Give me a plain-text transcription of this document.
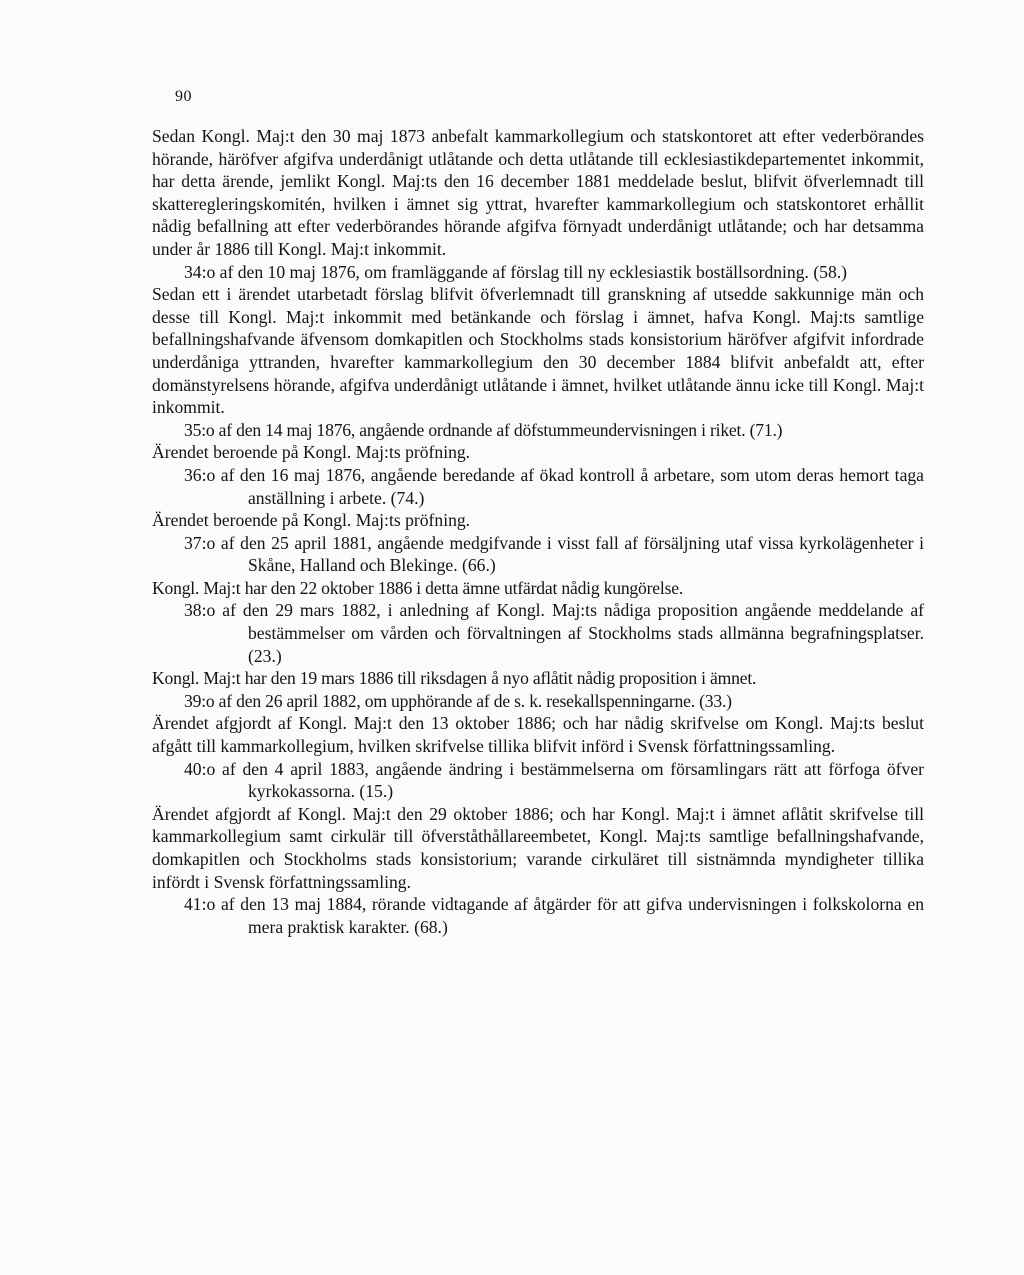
90

Sedan Kongl. Maj:t den 30 maj 1873 anbefalt kammarkollegium och statskontoret att efter vederbörandes hörande, häröfver afgifva underdånigt utlåtande och detta utlåtande till ecklesiastikdepartementet inkommit, har detta ärende, jemlikt Kongl. Maj:ts den 16 december 1881 meddelade beslut, blifvit öfverlemnadt till skatteregleringskomitén, hvilken i ämnet sig yttrat, hvarefter kammarkollegium och statskontoret erhållit nådig befallning att efter vederbörandes hörande afgifva förnyadt underdånigt utlåtande; och har detsamma under år 1886 till Kongl. Maj:t inkommit.

34:o af den 10 maj 1876, om framläggande af förslag till ny ecklesiastik boställsordning. (58.)

Sedan ett i ärendet utarbetadt förslag blifvit öfverlemnadt till granskning af utsedde sakkunnige män och desse till Kongl. Maj:t inkommit med betänkande och förslag i ämnet, hafva Kongl. Maj:ts samtlige befallningshafvande äfvensom domkapitlen och Stockholms stads konsistorium häröfver afgifvit infordrade underdåniga yttranden, hvarefter kammarkollegium den 30 december 1884 blifvit anbefaldt att, efter domänstyrelsens hörande, afgifva underdånigt utlåtande i ämnet, hvilket utlåtande ännu icke till Kongl. Maj:t inkommit.

35:o af den 14 maj 1876, angående ordnande af döfstummeundervisningen i riket. (71.)

Ärendet beroende på Kongl. Maj:ts pröfning.

36:o af den 16 maj 1876, angående beredande af ökad kontroll å arbetare, som utom deras hemort taga anställning i arbete. (74.)

Ärendet beroende på Kongl. Maj:ts pröfning.

37:o af den 25 april 1881, angående medgifvande i visst fall af försäljning utaf vissa kyrkolägenheter i Skåne, Halland och Blekinge. (66.)

Kongl. Maj:t har den 22 oktober 1886 i detta ämne utfärdat nådig kungörelse.

38:o af den 29 mars 1882, i anledning af Kongl. Maj:ts nådiga proposition angående meddelande af bestämmelser om vården och förvaltningen af Stockholms stads allmänna begrafningsplatser. (23.)

Kongl. Maj:t har den 19 mars 1886 till riksdagen å nyo aflåtit nådig proposition i ämnet.

39:o af den 26 april 1882, om upphörande af de s. k. resekallspenningarne. (33.)

Ärendet afgjordt af Kongl. Maj:t den 13 oktober 1886; och har nådig skrifvelse om Kongl. Maj:ts beslut afgått till kammarkollegium, hvilken skrifvelse tillika blifvit införd i Svensk författningssamling.

40:o af den 4 april 1883, angående ändring i bestämmelserna om församlingars rätt att förfoga öfver kyrkokassorna. (15.)

Ärendet afgjordt af Kongl. Maj:t den 29 oktober 1886; och har Kongl. Maj:t i ämnet aflåtit skrifvelse till kammarkollegium samt cirkulär till öfverståthållareembetet, Kongl. Maj:ts samtlige befallningshafvande, domkapitlen och Stockholms stads konsistorium; varande cirkuläret till sistnämnda myndigheter tillika infördt i Svensk författningssamling.

41:o af den 13 maj 1884, rörande vidtagande af åtgärder för att gifva undervisningen i folkskolorna en mera praktisk karakter. (68.)
